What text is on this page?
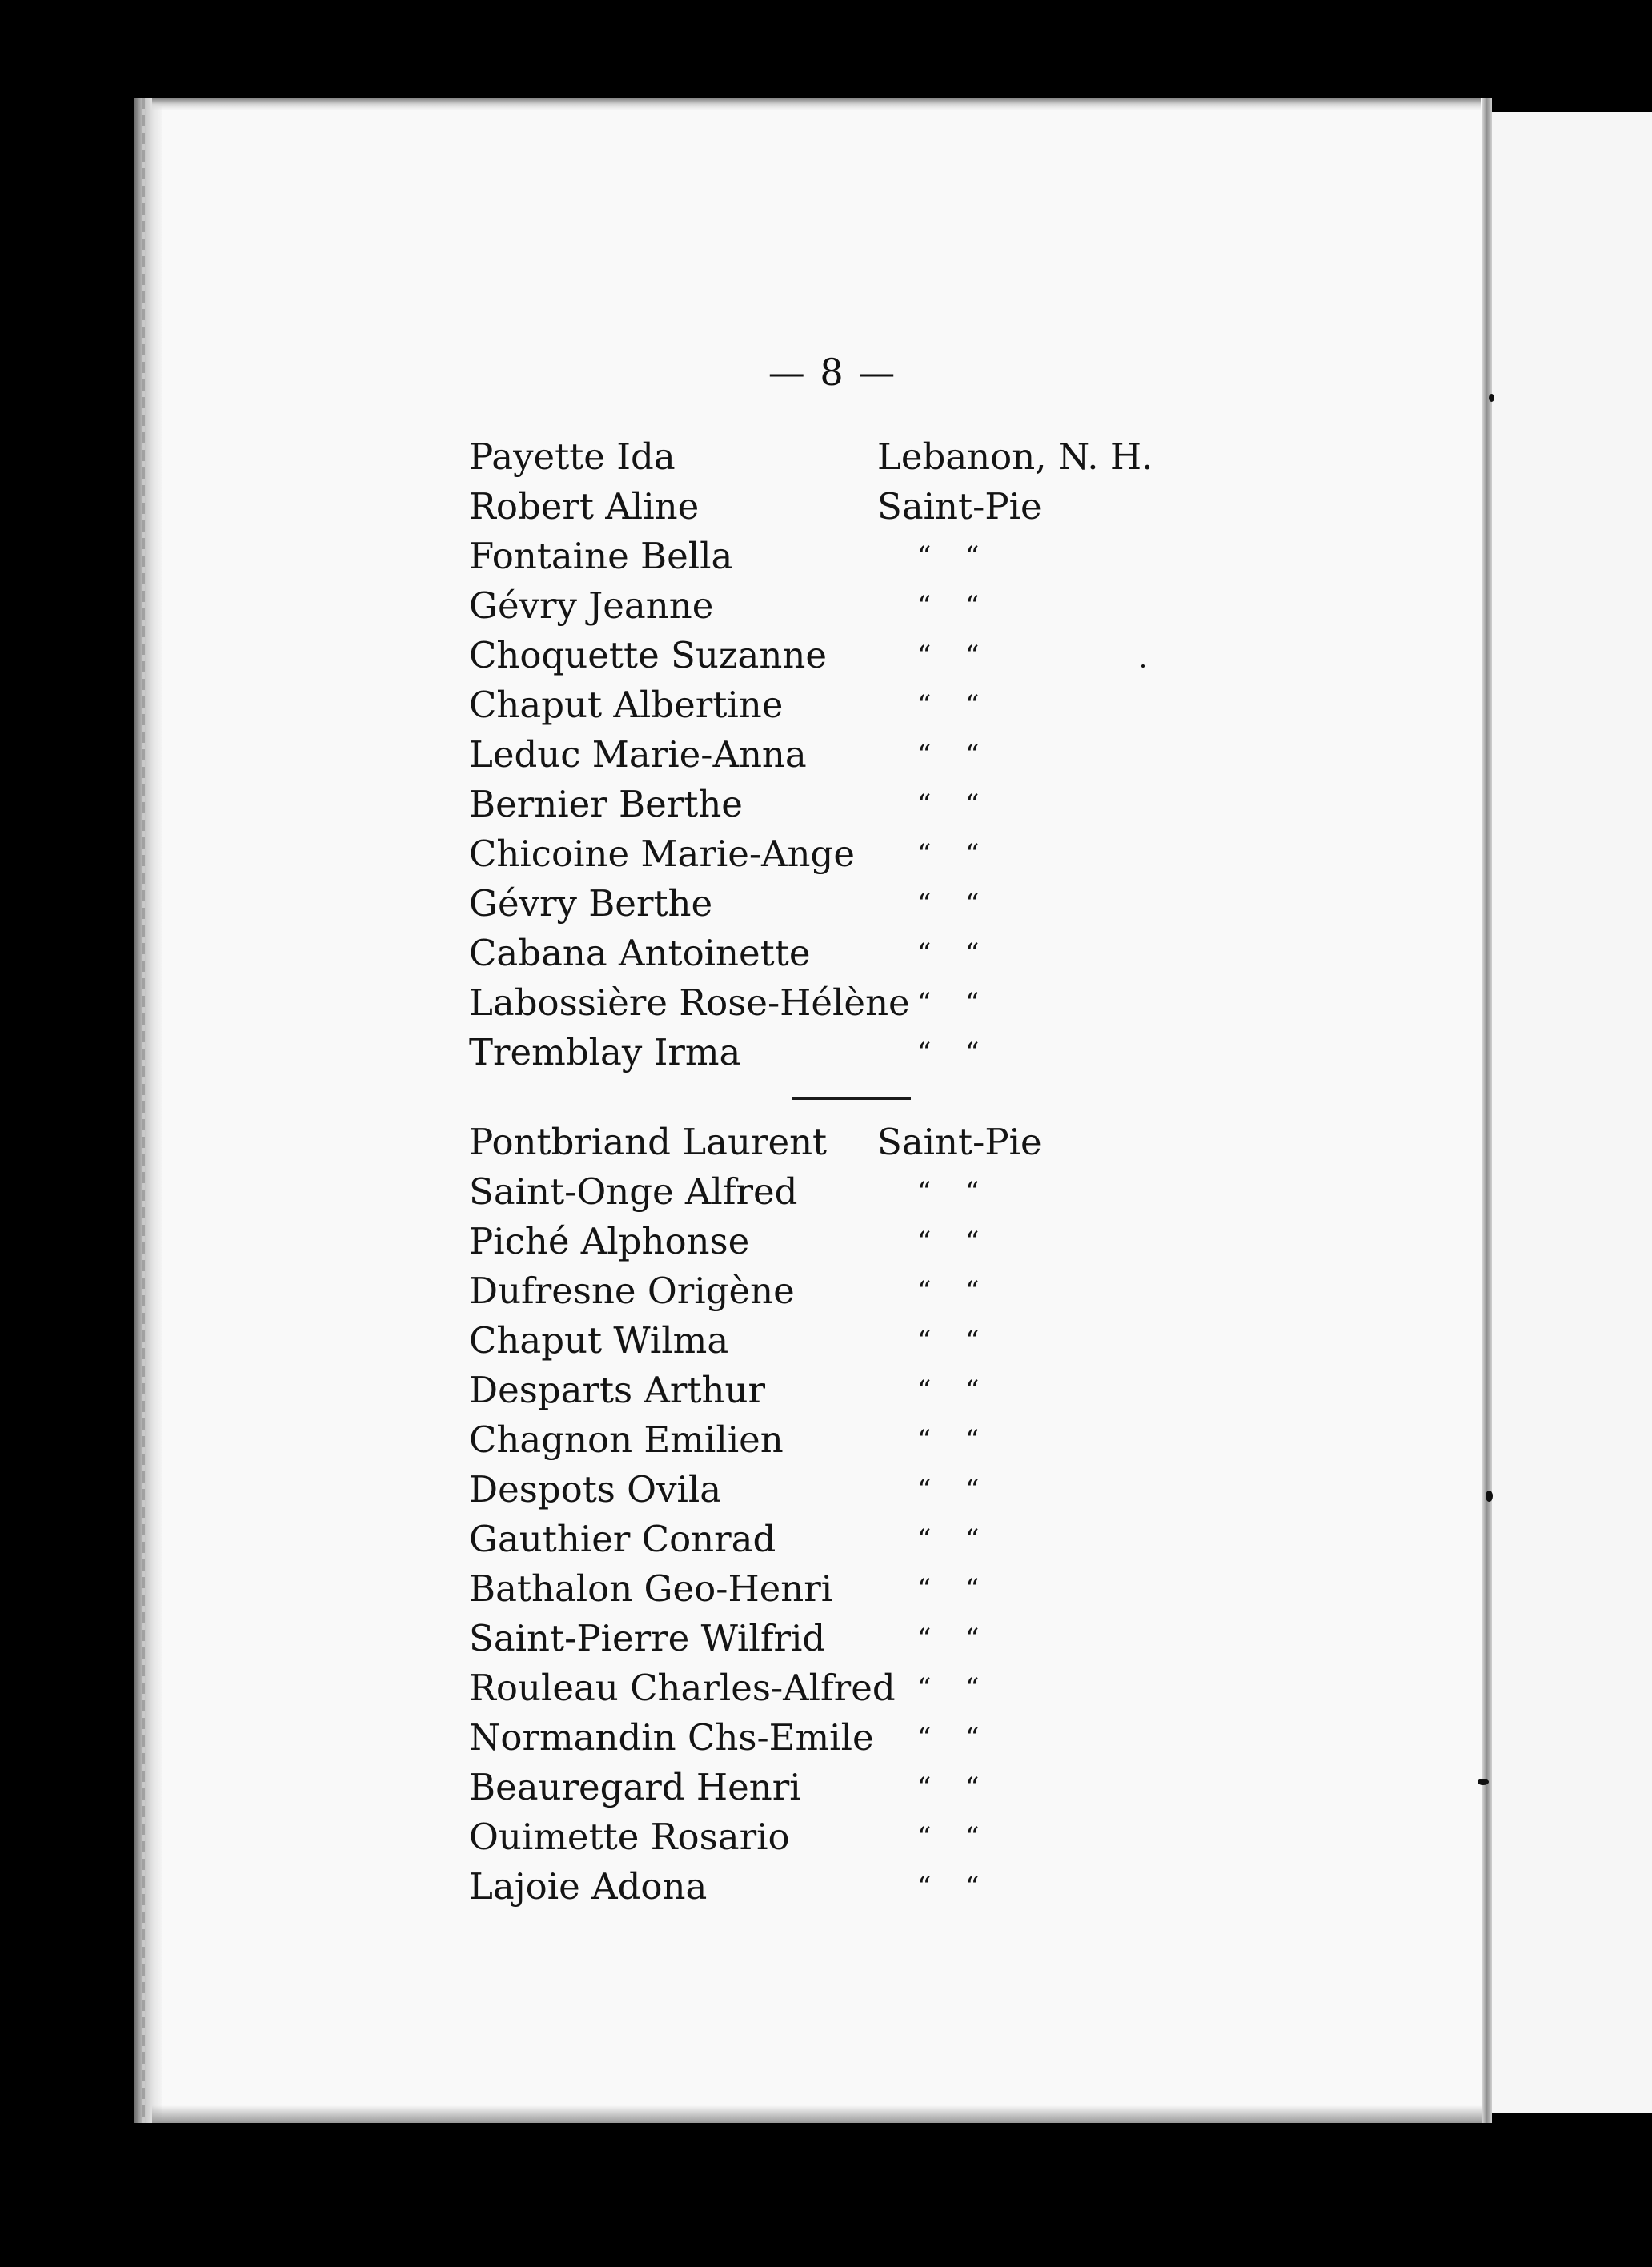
— 8 —
Payette Ida	Lebanon, N. H.
Robert Aline	Saint-Pie
Fontaine Bella	“ “
Gévry Jeanne	“ “
Choquette Suzanne	“ “
Chaput Albertine	“ “
Leduc Marie-Anna	“ “
Bernier Berthe	“ “
Chicoine Marie-Ange “ “
Gévry Berthe	“ “
Cabana Antoinette	“ “
Labossière Rose-Hélène “ “
Tremblay Irma	“ “
Pontbriand Laurent Saint-Pie
Saint-Onge Alfred	“ “
Piché Alphonse	“ “
Dufresne Origène	“ “
Chaput Wilma	“ “
Desparts Arthur	“ “
Chagnon Emilien	“ “
Despots Ovila	“ “
Gauthier Conrad	“ “
Bathalon Geo-Henri	“ “
Saint-Pierre Wilfrid	“ “
Rouleau Charles-Alfred “ “
Normandin Chs-Emile “ “
Beauregard Henri	“ “
Ouimette Rosario	“ “
Lajoie Adona	“ “
